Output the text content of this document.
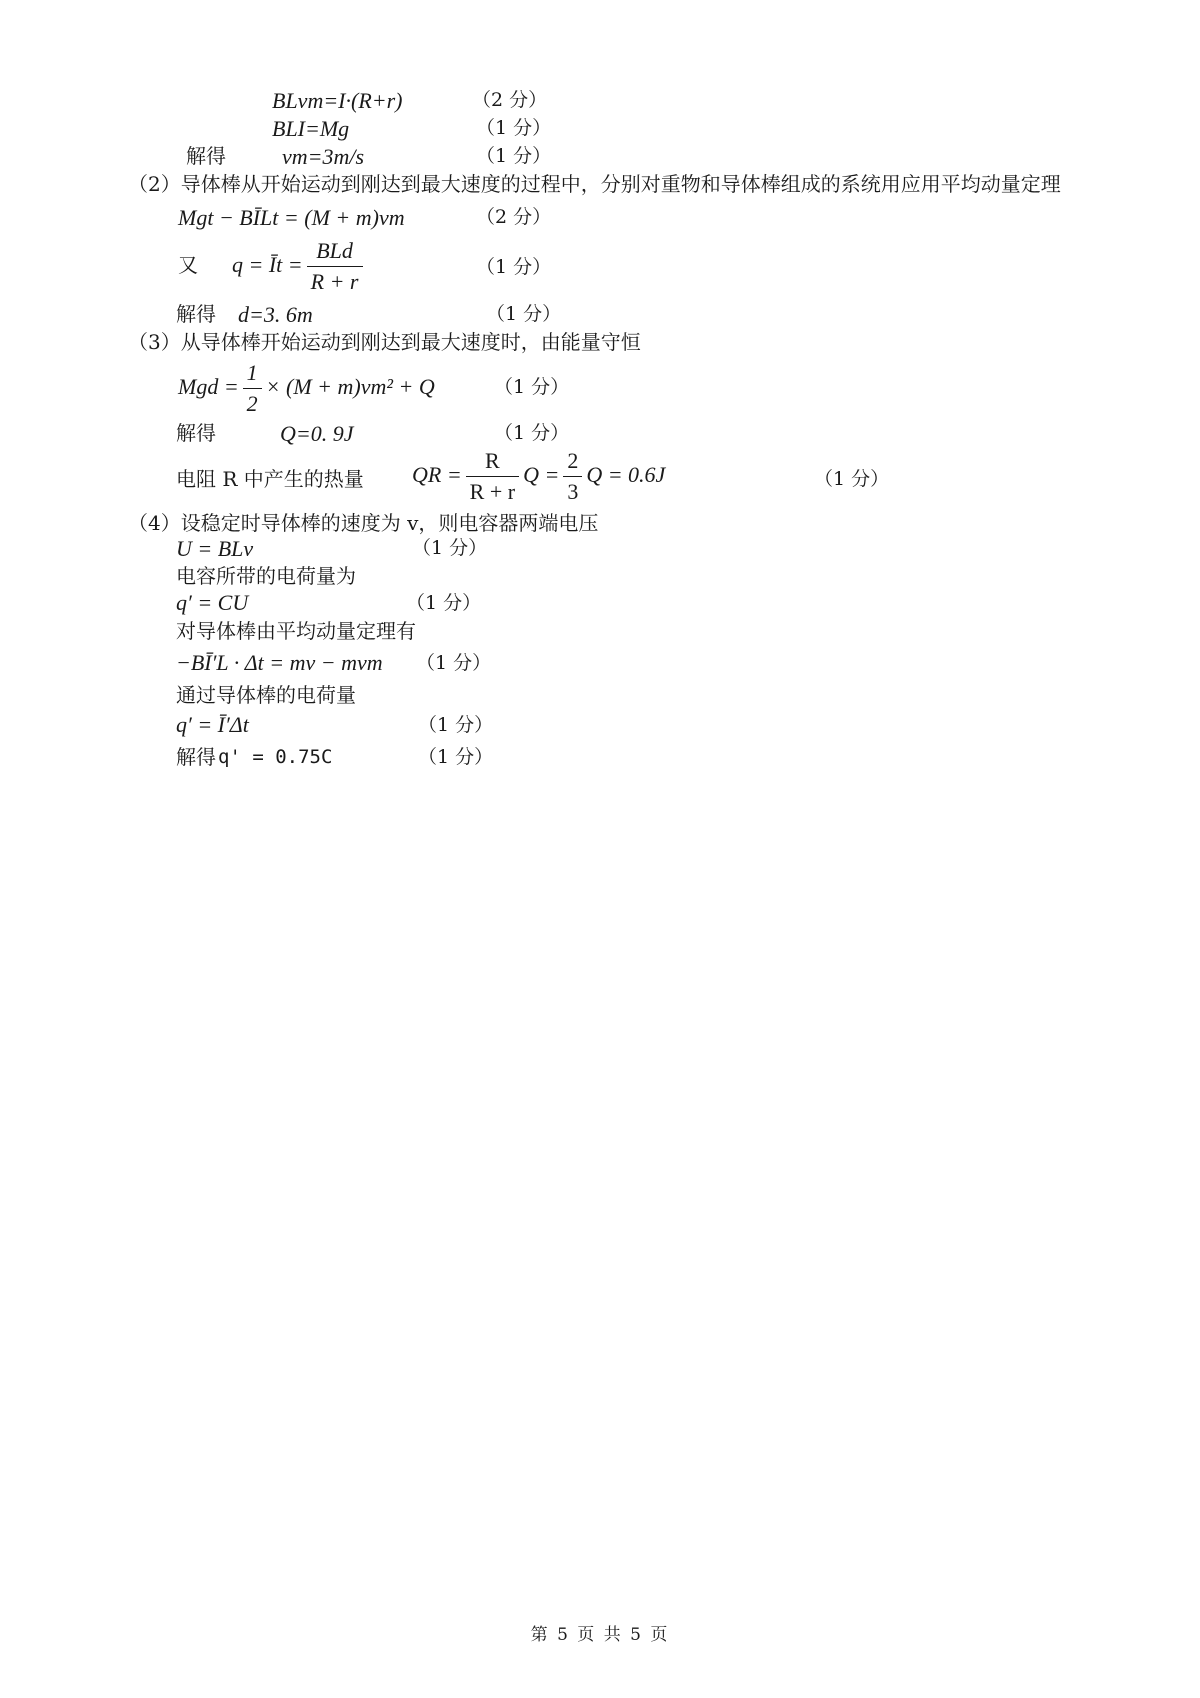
BLvm=I·(R+r)	（2 分）
BLI=Mg	（1 分）
解得	vm=3m/s	（1 分）
（2）导体棒从开始运动到刚达到最大速度的过程中，分别对重物和导体棒组成的系统用应用平均动量定理
Mgt − BĪLt = (M + m)vm	（2 分）
又 q = Īt = $\frac{\text{BLd}}{R + r}$	（1 分）
解得 d=3. 6m	（1 分）
（3）从导体棒开始运动到刚达到最大速度时，由能量守恒
Mgd = $\frac{1}{2} \times (M + m)vm^2 + Q$	（1 分）
解得	Q=0. 9J	（1 分）
电阻 R 中产生的热量 QR = $\frac{R}{R + r}$ $Q = \frac{2}{3}$ Q = 0.6J	（1 分）
（4）设稳定时导体棒的速度为 v，则电容器两端电压
U = BLv	（1 分）
电容所带的电荷量为
q′ = CU	（1 分）
对导体棒由平均动量定理有
−BĪ′L · Δt = mv − mvm （1 分）
通过导体棒的电荷量
q′ = Ī′Δt	（1 分）
解得 q' = 0.75C	（1 分）
第 5 页 共 5 页
